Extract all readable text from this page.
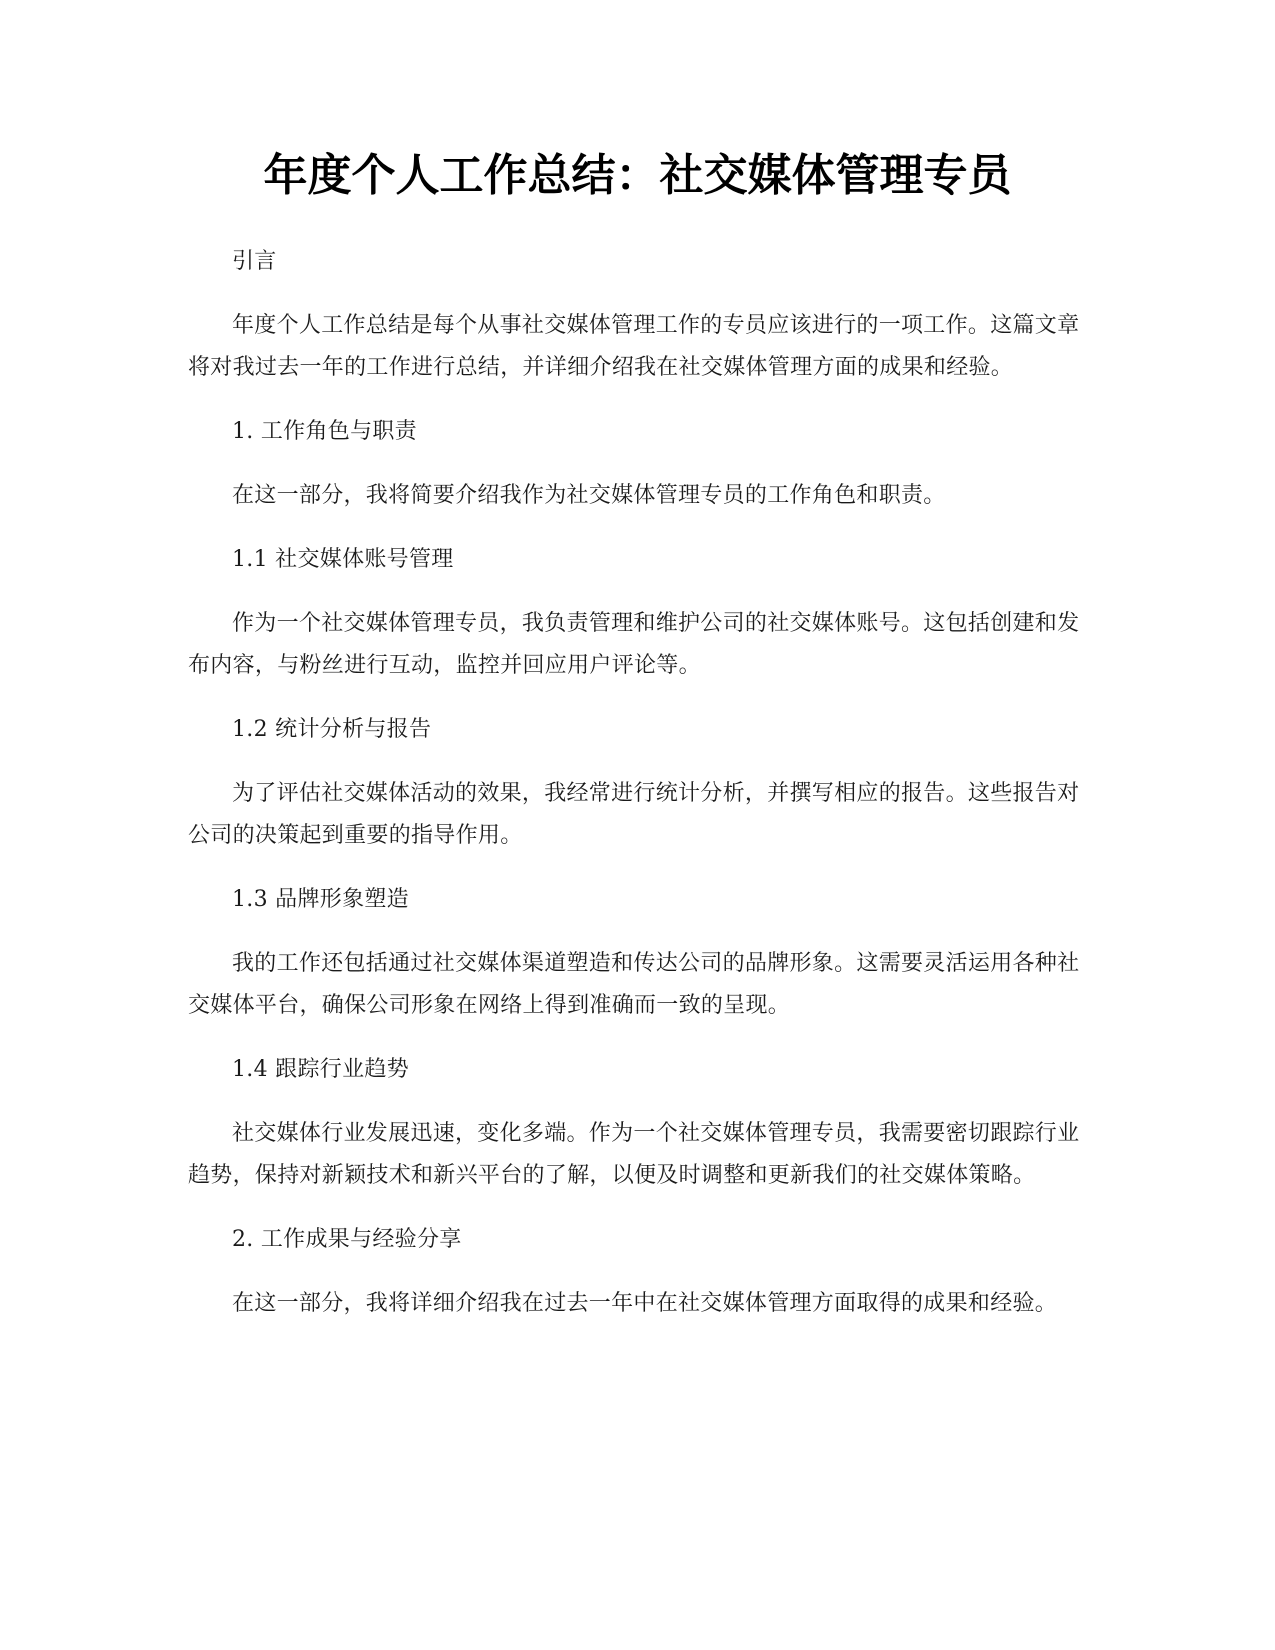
年度个人工作总结：社交媒体管理专员

引言

年度个人工作总结是每个从事社交媒体管理工作的专员应该进行的一项工作。这篇文章将对我过去一年的工作进行总结，并详细介绍我在社交媒体管理方面的成果和经验。

1. 工作角色与职责

在这一部分，我将简要介绍我作为社交媒体管理专员的工作角色和职责。

1.1 社交媒体账号管理

作为一个社交媒体管理专员，我负责管理和维护公司的社交媒体账号。这包括创建和发布内容，与粉丝进行互动，监控并回应用户评论等。

1.2 统计分析与报告

为了评估社交媒体活动的效果，我经常进行统计分析，并撰写相应的报告。这些报告对公司的决策起到重要的指导作用。

1.3 品牌形象塑造

我的工作还包括通过社交媒体渠道塑造和传达公司的品牌形象。这需要灵活运用各种社交媒体平台，确保公司形象在网络上得到准确而一致的呈现。

1.4 跟踪行业趋势

社交媒体行业发展迅速，变化多端。作为一个社交媒体管理专员，我需要密切跟踪行业趋势，保持对新颖技术和新兴平台的了解，以便及时调整和更新我们的社交媒体策略。

2. 工作成果与经验分享

在这一部分，我将详细介绍我在过去一年中在社交媒体管理方面取得的成果和经验。
